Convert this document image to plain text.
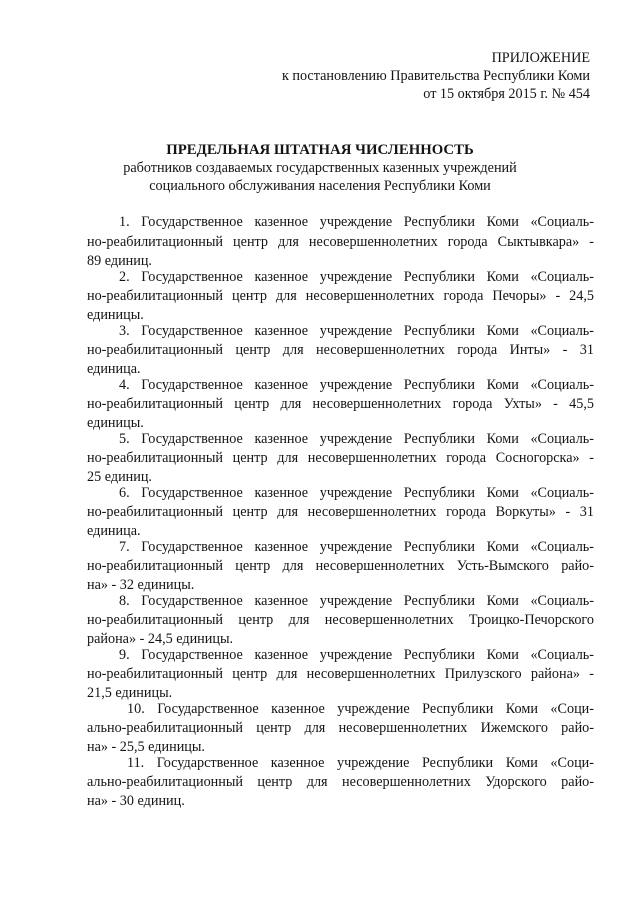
ПРИЛОЖЕНИЕ

к постановлению Правительства Республики Коми

от 15 октября 2015 г. № 454

ПРЕДЕЛЬНАЯ ШТАТНАЯ ЧИСЛЕННОСТЬ

работников создаваемых государственных казенных учреждений

социального обслуживания населения Республики Коми

1. Государственное казенное учреждение Республики Коми «Социаль-

но-реабилитационный центр для несовершеннолетних города Сыктывкара» -

89 единиц.

2. Государственное казенное учреждение Республики Коми «Социаль-

но-реабилитационный центр для несовершеннолетних города Печоры» - 24,5

единицы.

3. Государственное казенное учреждение Республики Коми «Социаль-

но-реабилитационный центр для несовершеннолетних города Инты» - 31

единица.

4. Государственное казенное учреждение Республики Коми «Социаль-

но-реабилитационный центр для несовершеннолетних города Ухты» - 45,5

единицы.

5. Государственное казенное учреждение Республики Коми «Социаль-

но-реабилитационный центр для несовершеннолетних города Сосногорска» -

25 единиц.

6. Государственное казенное учреждение Республики Коми «Социаль-

но-реабилитационный центр для несовершеннолетних города Воркуты» - 31

единица.

7. Государственное казенное учреждение Республики Коми «Социаль-

но-реабилитационный центр для несовершеннолетних Усть-Вымского райо-

на» - 32 единицы.

8. Государственное казенное учреждение Республики Коми «Социаль-

но-реабилитационный центр для несовершеннолетних Троицко-Печорского

района» - 24,5 единицы.

9. Государственное казенное учреждение Республики Коми «Социаль-

но-реабилитационный центр для несовершеннолетних Прилузского района» -

21,5 единицы.

10. Государственное казенное учреждение Республики Коми «Соци-

ально-реабилитационный центр для несовершеннолетних Ижемского райо-

на» - 25,5 единицы.

11. Государственное казенное учреждение Республики Коми «Соци-

ально-реабилитационный центр для несовершеннолетних Удорского райо-

на» - 30 единиц.
